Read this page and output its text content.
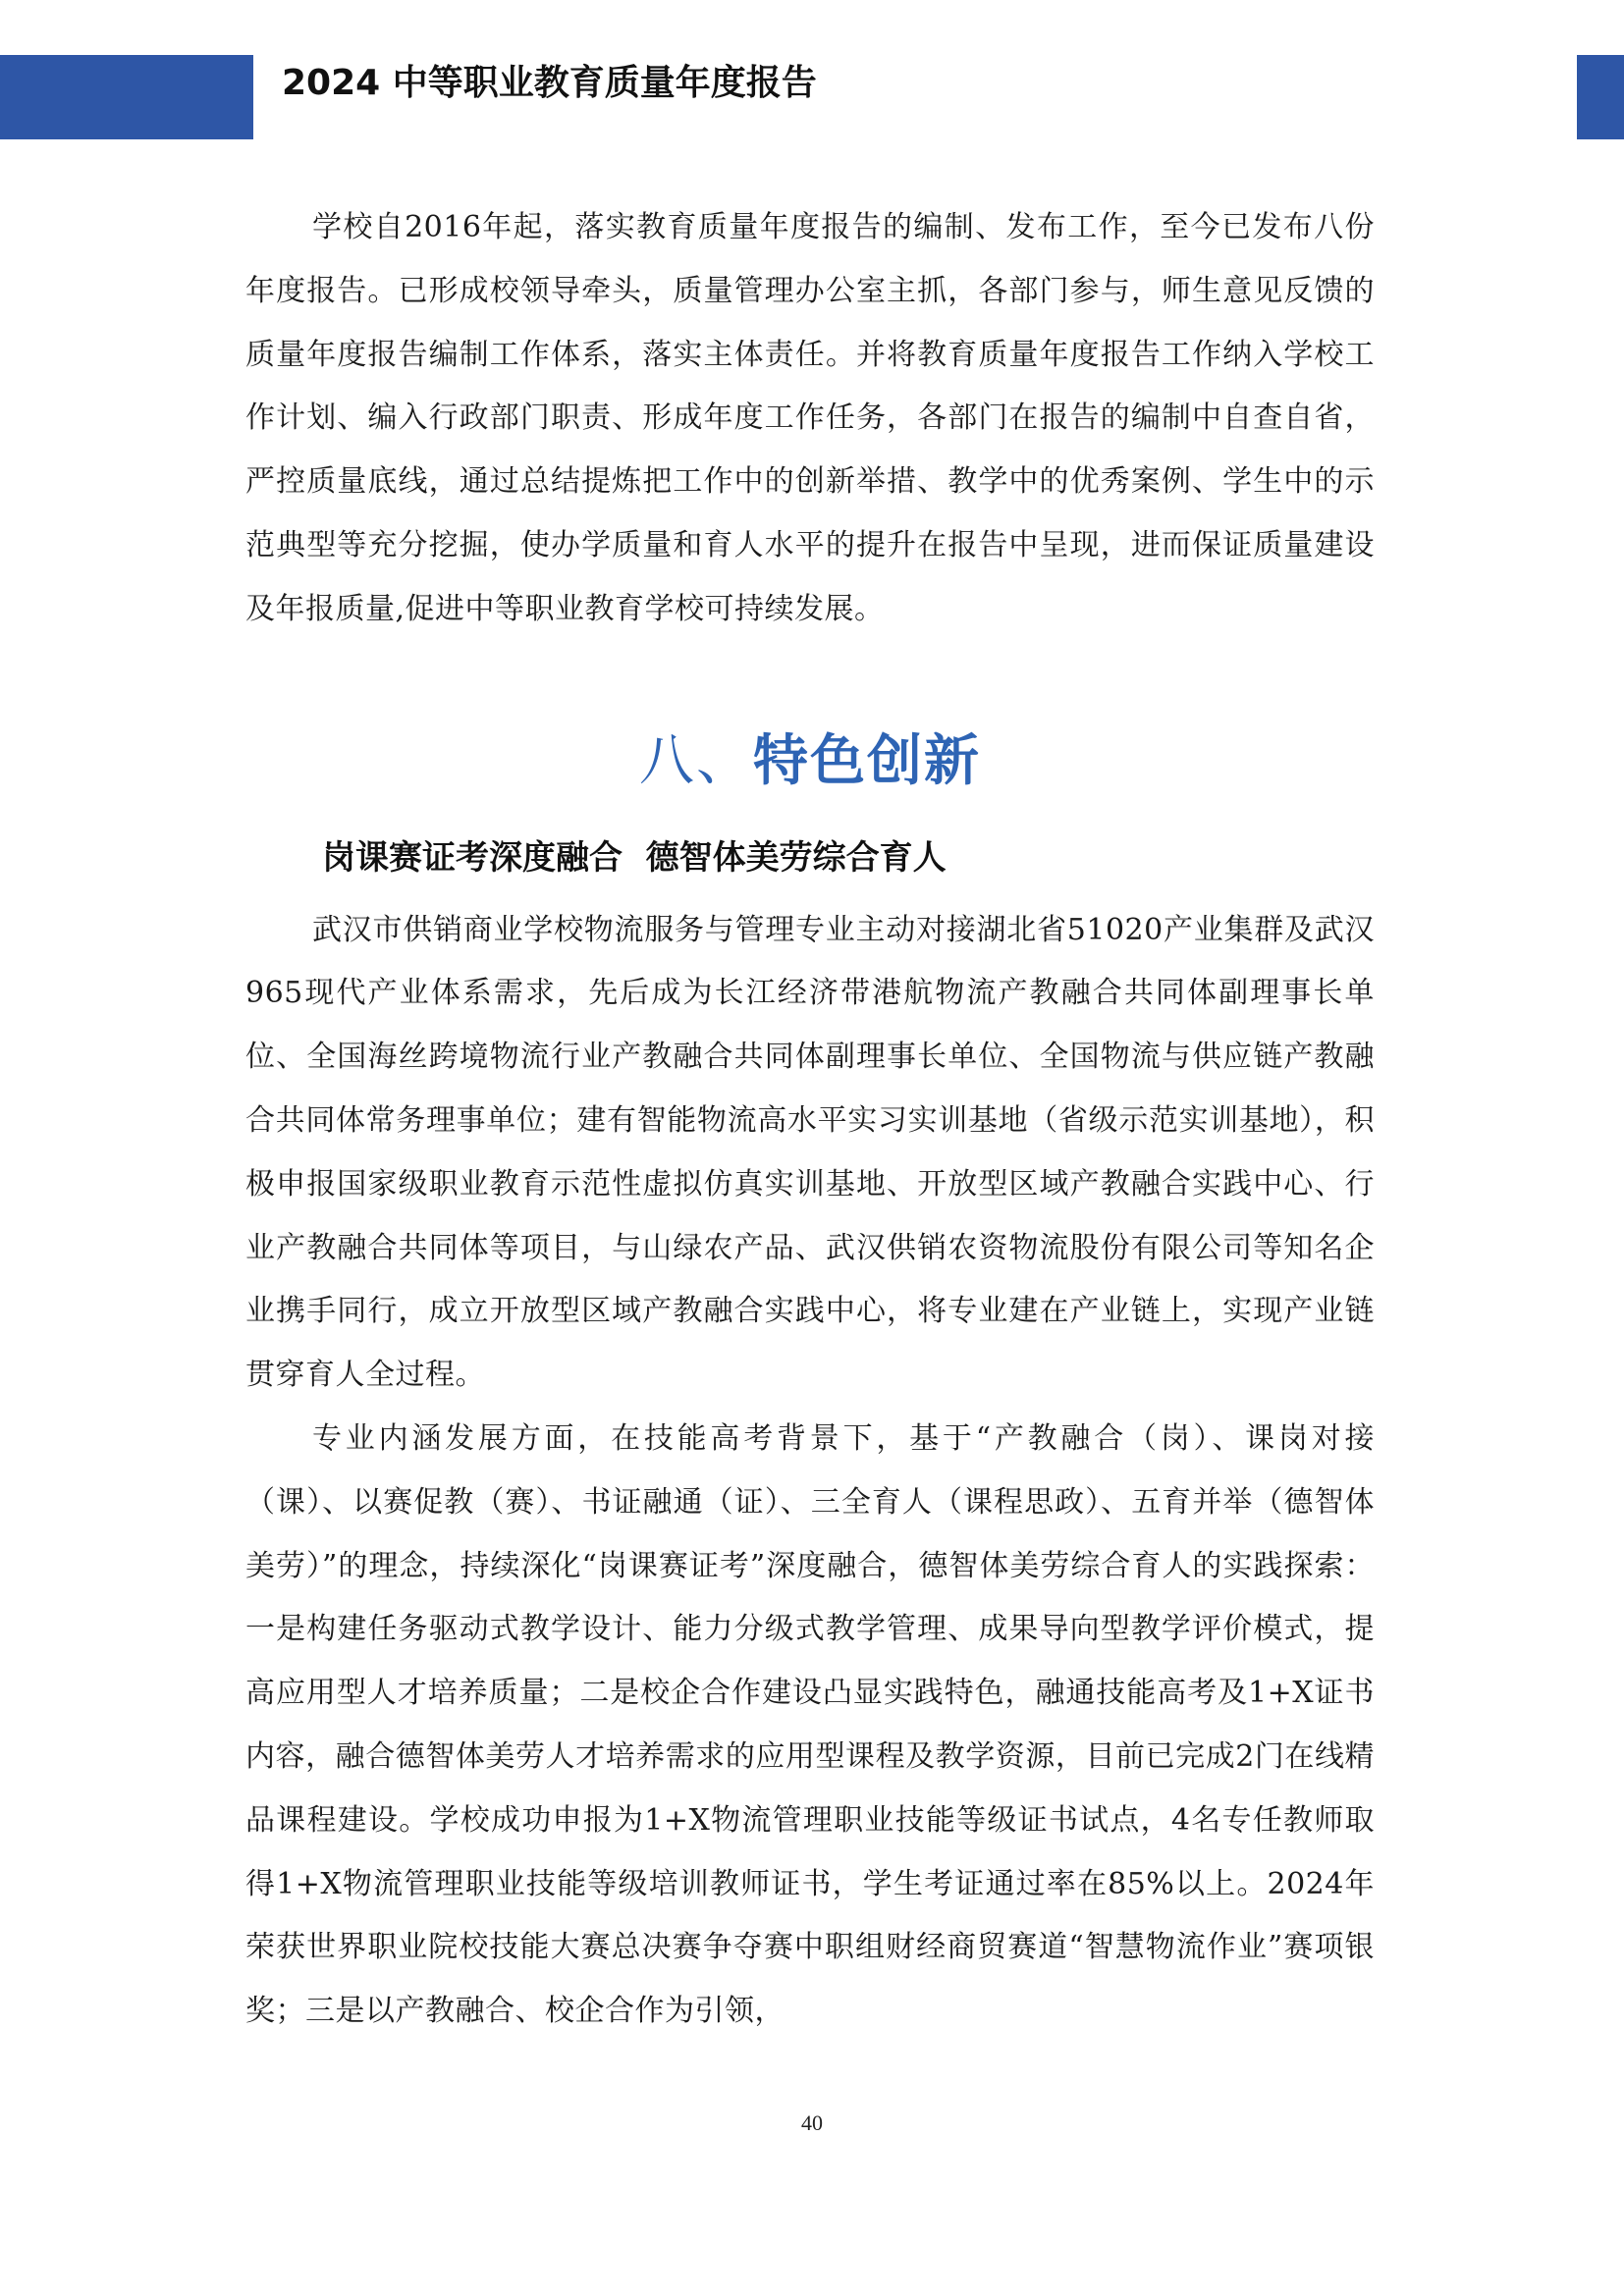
2024 中等职业教育质量年度报告

学校自2016年起，落实教育质量年度报告的编制、发布工作，至今已发布八份年度报告。已形成校领导牵头，质量管理办公室主抓，各部门参与，师生意见反馈的质量年度报告编制工作体系，落实主体责任。并将教育质量年度报告工作纳入学校工作计划、编入行政部门职责、形成年度工作任务，各部门在报告的编制中自查自省，严控质量底线，通过总结提炼把工作中的创新举措、教学中的优秀案例、学生中的示范典型等充分挖掘，使办学质量和育人水平的提升在报告中呈现，进而保证质量建设及年报质量,促进中等职业教育学校可持续发展。

八、特色创新
岗课赛证考深度融合  德智体美劳综合育人

武汉市供销商业学校物流服务与管理专业主动对接湖北省51020产业集群及武汉965现代产业体系需求，先后成为长江经济带港航物流产教融合共同体副理事长单位、全国海丝跨境物流行业产教融合共同体副理事长单位、全国物流与供应链产教融合共同体常务理事单位；建有智能物流高水平实习实训基地（省级示范实训基地），积极申报国家级职业教育示范性虚拟仿真实训基地、开放型区域产教融合实践中心、行业产教融合共同体等项目，与山绿农产品、武汉供销农资物流股份有限公司等知名企业携手同行，成立开放型区域产教融合实践中心，将专业建在产业链上，实现产业链贯穿育人全过程。

专业内涵发展方面，在技能高考背景下，基于“产教融合（岗）、课岗对接（课）、以赛促教（赛）、书证融通（证）、三全育人（课程思政）、五育并举（德智体美劳）”的理念，持续深化“岗课赛证考”深度融合，德智体美劳综合育人的实践探索：一是构建任务驱动式教学设计、能力分级式教学管理、成果导向型教学评价模式，提高应用型人才培养质量；二是校企合作建设凸显实践特色，融通技能高考及1+X证书内容，融合德智体美劳人才培养需求的应用型课程及教学资源，目前已完成2门在线精品课程建设。学校成功申报为1+X物流管理职业技能等级证书试点，4名专任教师取得1+X物流管理职业技能等级培训教师证书，学生考证通过率在85%以上。2024年荣获世界职业院校技能大赛总决赛争夺赛中职组财经商贸赛道“智慧物流作业”赛项银奖；三是以产教融合、校企合作为引领，

40
